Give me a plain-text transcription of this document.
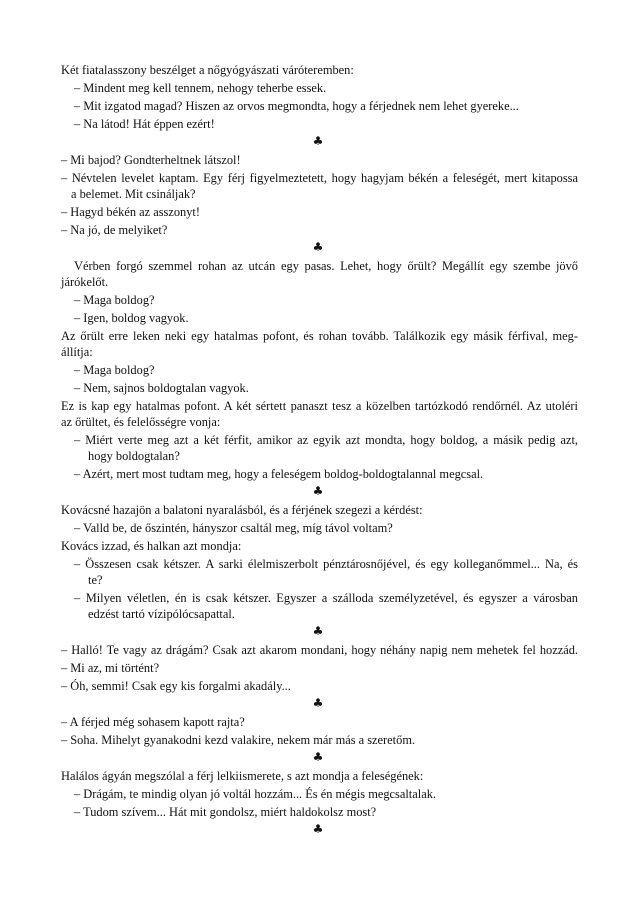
Két fiatalasszony beszélget a nőgyógyászati váróteremben:
– Mindent meg kell tennem, nehogy teherbe essek.
– Mit izgatod magad? Hiszen az orvos megmondta, hogy a férjednek nem lehet gyereke...
– Na látod! Hát éppen ezért!
♣
– Mi bajod? Gondterheltnek látszol!
– Névtelen levelet kaptam. Egy férj figyelmeztetett, hogy hagyjam békén a feleségét, mert kitapossa
a belemet. Mit csináljak?
– Hagyd békén az asszonyt!
– Na jó, de melyiket?
♣
Vérben forgó szemmel rohan az utcán egy pasas. Lehet, hogy őrült? Megállít egy szembe jövő
járókelőt.
– Maga boldog?
– Igen, boldog vagyok.
Az őrült erre leken neki egy hatalmas pofont, és rohan tovább. Találkozik egy másik férfival, meg-
állítja:
– Maga boldog?
– Nem, sajnos boldogtalan vagyok.
Ez is kap egy hatalmas pofont. A két sértett panaszt tesz a közelben tartózkodó rendőrnél. Az utoléri
az őrültet, és felelősségre vonja:
– Miért verte meg azt a két férfit, amikor az egyik azt mondta, hogy boldog, a másik pedig azt,
hogy boldogtalan?
– Azért, mert most tudtam meg, hogy a feleségem boldog-boldogtalannal megcsal.
♣
Kovácsné hazajön a balatoni nyaralásból, és a férjének szegezi a kérdést:
– Valld be, de őszintén, hányszor csaltál meg, míg távol voltam?
Kovács izzad, és halkan azt mondja:
– Összesen csak kétszer. A sarki élelmiszerbolt pénztárosnőjével, és egy kolleganőmmel... Na, és
te?
– Milyen véletlen, én is csak kétszer. Egyszer a szálloda személyzetével, és egyszer a városban
edzést tartó vízipólócsapattal.
♣
– Halló! Te vagy az drágám? Csak azt akarom mondani, hogy néhány napig nem mehetek fel hozzád.
– Mi az, mi történt?
– Óh, semmi! Csak egy kis forgalmi akadály...
♣
– A férjed még sohasem kapott rajta?
– Soha. Mihelyt gyanakodni kezd valakire, nekem már más a szeretőm.
♣
Halálos ágyán megszólal a férj lelkiismerete, s azt mondja a feleségének:
– Drágám, te mindig olyan jó voltál hozzám... És én mégis megcsaltalak.
– Tudom szívem... Hát mit gondolsz, miért haldokolsz most?
♣
